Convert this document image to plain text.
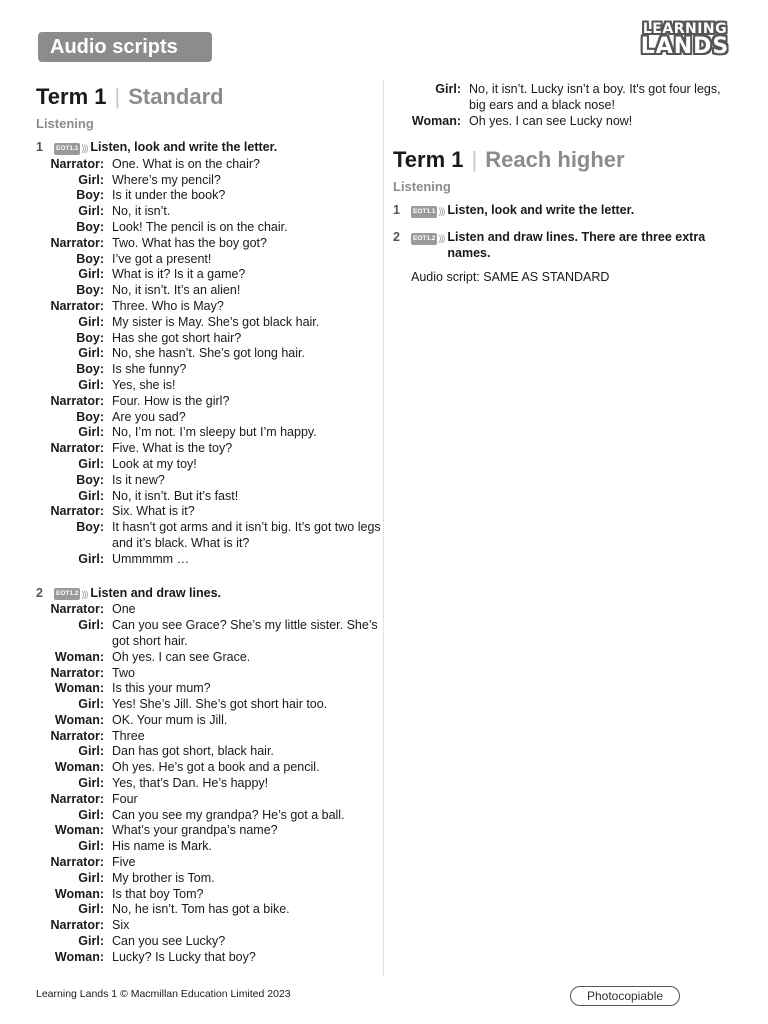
Audio scripts
LEARNING
LANDS
Term 1 | Standard
Listening
1	EOT1.1 ))) Listen, look and write the letter.
Narrator: One. What is on the chair?
Girl: Where’s my pencil?
Boy: Is it under the book?
Girl: No, it isn’t.
Boy: Look! The pencil is on the chair.
Narrator: Two. What has the boy got?
Boy: I’ve got a present!
Girl: What is it? Is it a game?
Boy: No, it isn’t. It’s an alien!
Narrator: Three. Who is May?
Girl: My sister is May. She’s got black hair.
Boy: Has she got short hair?
Girl: No, she hasn’t. She’s got long hair.
Boy: Is she funny?
Girl: Yes, she is!
Narrator: Four. How is the girl?
Boy: Are you sad?
Girl: No, I’m not. I’m sleepy but I’m happy.
Narrator: Five. What is the toy?
Girl: Look at my toy!
Boy: Is it new?
Girl: No, it isn’t. But it’s fast!
Narrator: Six. What is it?
Boy: It hasn’t got arms and it isn’t big. It’s got two legs and it’s black. What is it?
Girl: Ummmmm …
2	EOT1.2 ))) Listen and draw lines.
Narrator: One
Girl: Can you see Grace? She’s my little sister. She’s got short hair.
Woman: Oh yes. I can see Grace.
Narrator: Two
Woman: Is this your mum?
Girl: Yes! She’s Jill. She’s got short hair too.
Woman: OK. Your mum is Jill.
Narrator: Three
Girl: Dan has got short, black hair.
Woman: Oh yes. He’s got a book and a pencil.
Girl: Yes, that’s Dan. He’s happy!
Narrator: Four
Girl: Can you see my grandpa? He’s got a ball.
Woman: What’s your grandpa’s name?
Girl: His name is Mark.
Narrator: Five
Girl: My brother is Tom.
Woman: Is that boy Tom?
Girl: No, he isn’t. Tom has got a bike.
Narrator: Six
Girl: Can you see Lucky?
Woman: Lucky? Is Lucky that boy?
Girl: No, it isn’t. Lucky isn’t a boy. It's got four legs, big ears and a black nose!
Woman: Oh yes. I can see Lucky now!
Term 1 | Reach higher
Listening
1	EOT1.1 ))) Listen, look and write the letter.
2	EOT1.2 ))) Listen and draw lines. There are three extra names.
Audio script: SAME AS STANDARD
Learning Lands 1 © Macmillan Education Limited 2023	Photocopiable
